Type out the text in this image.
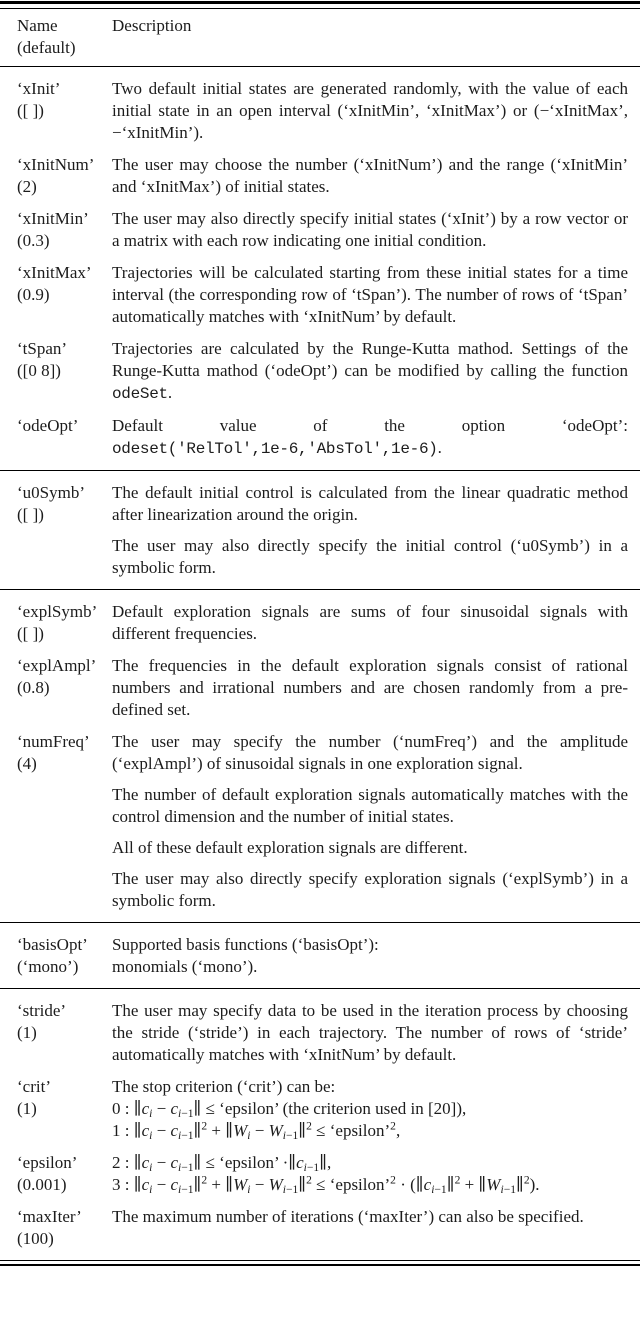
Name
(default)
Description
‘xInit’
([ ])
Two default initial states are generated randomly, with the value of each initial state in an open interval (‘xInitMin’, ‘xInitMax’) or (−‘xInitMax’, −‘xInitMin’).
‘xInitNum’
(2)
The user may choose the number (‘xInitNum’) and the range (‘xInitMin’ and ‘xInitMax’) of initial states.
‘xInitMin’
(0.3)
The user may also directly specify initial states (‘xInit’) by a row vector or a matrix with each row indicating one initial condition.
‘xInitMax’
(0.9)
Trajectories will be calculated starting from these initial states for a time interval (the corresponding row of ‘tSpan’). The number of rows of ‘tSpan’ automatically matches with ‘xInitNum’ by default.
‘tSpan’
([0 8])
Trajectories are calculated by the Runge-Kutta mathod. Settings of the Runge-Kutta mathod (‘odeOpt’) can be modified by calling the function odeSet.
‘odeOpt’	Default value of the option ‘odeOpt’: odeset('RelTol',1e-6,'AbsTol',1e-6).
‘u0Symb’
([ ])
The default initial control is calculated from the linear quadratic method after linearization around the origin.
The user may also directly specify the initial control (‘u0Symb’) in a symbolic form.
‘explSymb’
([ ])
Default exploration signals are sums of four sinusoidal signals with different frequencies.
‘explAmpl’
(0.8)
The frequencies in the default exploration signals consist of rational numbers and irrational numbers and are chosen randomly from a pre-defined set.
‘numFreq’
(4)
The user may specify the number (‘numFreq’) and the amplitude (‘explAmpl’) of sinusoidal signals in one exploration signal.
The number of default exploration signals automatically matches with the control dimension and the number of initial states.
All of these default exploration signals are different.
The user may also directly specify exploration signals (‘explSymb’) in a symbolic form.
‘basisOpt’
(‘mono’)
Supported basis functions (‘basisOpt’):
monomials (‘mono’).
‘stride’
(1)
The user may specify data to be used in the iteration process by choosing the stride (‘stride’) in each trajectory. The number of rows of ‘stride’ automatically matches with ‘xInitNum’ by default.
‘crit’
(1)
The stop criterion (‘crit’) can be:
0 : $\parallel c_i$ − $c_{i-1}\parallel$ ≤ ‘epsilon’ (the criterion used in [20]),
1 : $\parallel c_i$ − $c_{i-1}\parallel^2$ + $\parallel W_i$ − $W_{i-1}\parallel^2$ ≤ ‘epsilon’$^2$,
‘epsilon’
(0.001)
2 : $\parallel c_i$ − $c_{i-1}\parallel$ ≤ ‘epsilon’ $\cdot\parallel c_{i-1}\parallel$,
3 : $\parallel c_i$ − $c_{i-1}\parallel^2$ + $\parallel W_i$ − $W_{i-1}\parallel^2$ ≤ ‘epsilon’$^2$ · ($\parallel c_{i-1}\parallel^2$ + $\parallel W_{i-1}\parallel^2$).
‘maxIter’
(100)
The maximum number of iterations (‘maxIter’) can also be specified.
